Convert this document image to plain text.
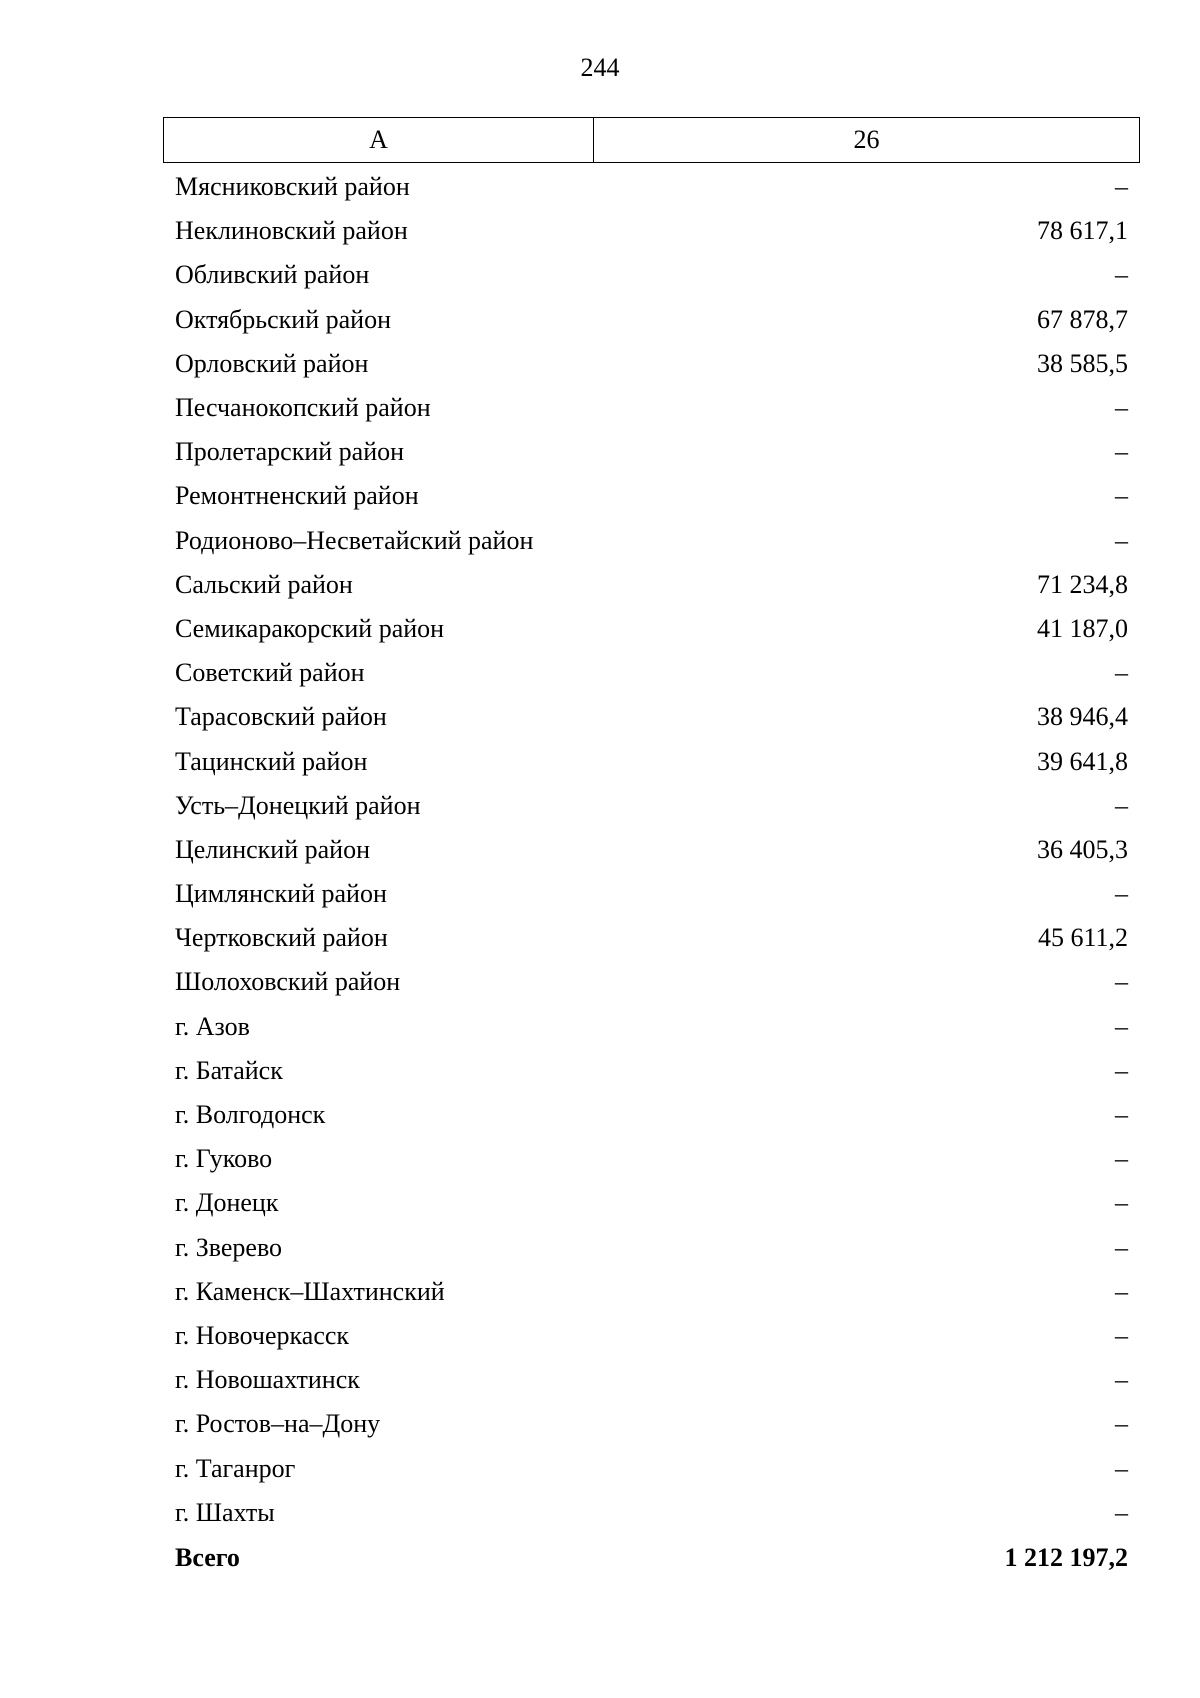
244
А	26
Мясниковский район	–
Неклиновский район	78 617,1
Обливский район	–
Октябрьский район	67 878,7
Орловский район	38 585,5
Песчанокопский район	–
Пролетарский район	–
Ремонтненский район	–
Родионово–Несветайский район	–
Сальский район	71 234,8
Семикаракорский район	41 187,0
Советский район	–
Тарасовский район	38 946,4
Тацинский район	39 641,8
Усть–Донецкий район	–
Целинский район	36 405,3
Цимлянский район	–
Чертковский район	45 611,2
Шолоховский район	–
г. Азов	–
г. Батайск	–
г. Волгодонск	–
г. Гуково	–
г. Донецк	–
г. Зверево	–
г. Каменск–Шахтинский	–
г. Новочеркасск	–
г. Новошахтинск	–
г. Ростов–на–Дону	–
г. Таганрог	–
г. Шахты	–
Всего	1 212 197,2
